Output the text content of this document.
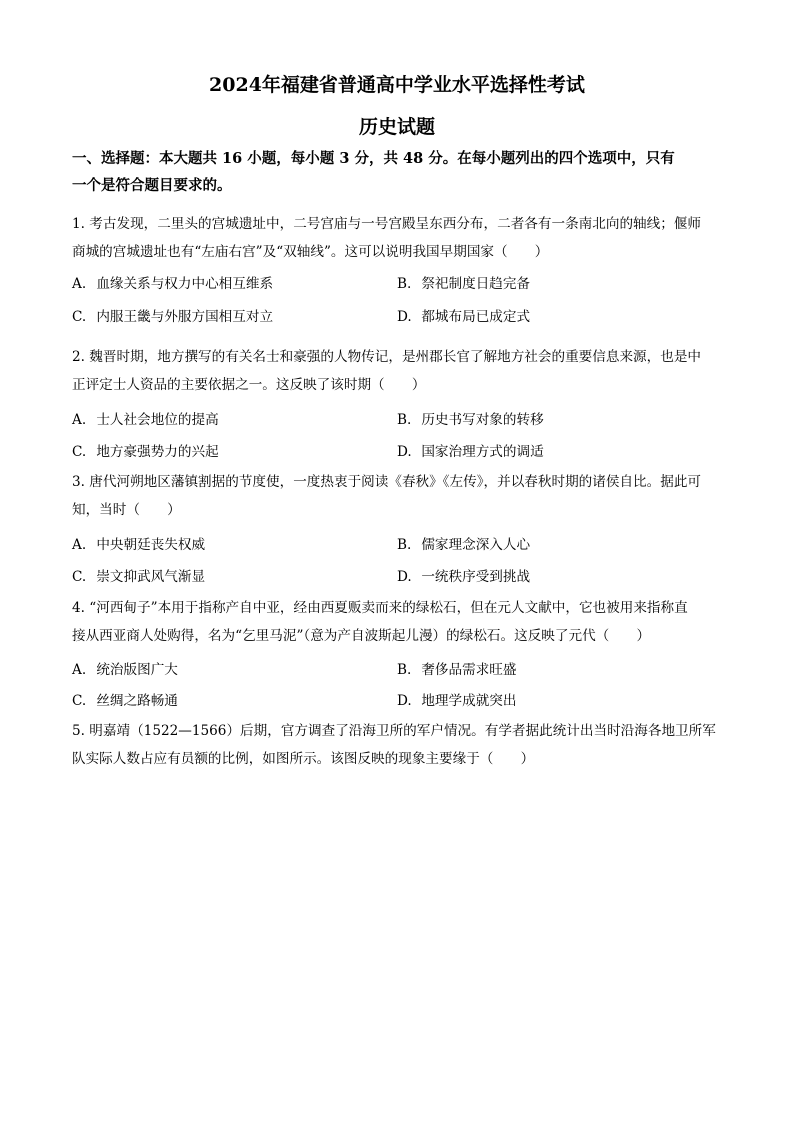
2024年福建省普通高中学业水平选择性考试
历史试题
一、选择题：本大题共 16 小题，每小题 3 分，共 48 分。在每小题列出的四个选项中，只有
一个是符合题目要求的。
1. 考古发现，二里头的宫城遗址中，二号宫庙与一号宫殿呈东西分布，二者各有一条南北向的轴线；偃师
商城的宫城遗址也有“左庙右宫”及“双轴线”。这可以说明我国早期国家（　　）
A. 血缘关系与权力中心相互维系	B. 祭祀制度日趋完备
C. 内服王畿与外服方国相互对立	D. 都城布局已成定式
2. 魏晋时期，地方撰写的有关名士和豪强的人物传记，是州郡长官了解地方社会的重要信息来源，也是中
正评定士人资品的主要依据之一。这反映了该时期（　　）
A. 士人社会地位的提高	B. 历史书写对象的转移
C. 地方豪强势力的兴起	D. 国家治理方式的调适
3. 唐代河朔地区藩镇割据的节度使，一度热衷于阅读《春秋》《左传》，并以春秋时期的诸侯自比。据此可
知，当时（　　）
A. 中央朝廷丧失权威	B. 儒家理念深入人心
C. 崇文抑武风气渐显	D. 一统秩序受到挑战
4. “河西甸子”本用于指称产自中亚，经由西夏贩卖而来的绿松石，但在元人文献中，它也被用来指称直
接从西亚商人处购得，名为“乞里马泥”（意为产自波斯起儿漫）的绿松石。这反映了元代（　　）
A. 统治版图广大	B. 奢侈品需求旺盛
C. 丝绸之路畅通	D. 地理学成就突出
5. 明嘉靖（1522—1566）后期，官方调查了沿海卫所的军户情况。有学者据此统计出当时沿海各地卫所军
队实际人数占应有员额的比例，如图所示。该图反映的现象主要缘于（　　）
